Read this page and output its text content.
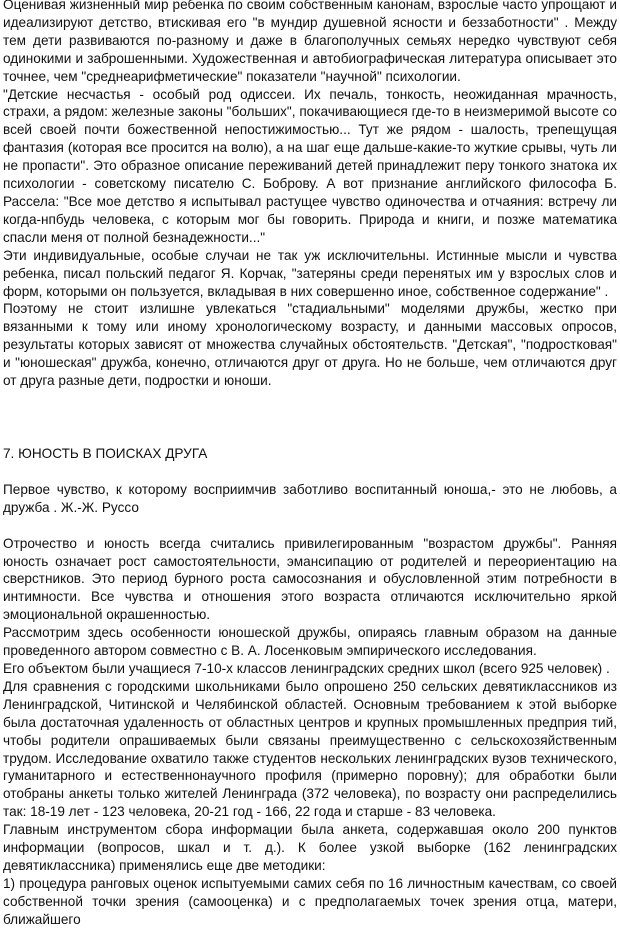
Оценивая жизненный мир ребенка по своим собственным канонам, взрослые часто упрощают и идеализируют детство, втискивая его "в мундир душевной ясности и беззаботности" . Между тем дети развиваются по-разному и даже в благополучных семьях нередко чувствуют себя одинокими и заброшенными. Художественная и автобиографическая литература описывает это точнее, чем "среднеарифметические" показатели "научной" психологии.

"Детские несчастья - особый род одиссеи. Их печаль, тонкость, неожиданная мрачность, страхи, а рядом: железные законы "больших", покачивающиеся где-то в неизмеримой высоте со всей своей почти божественной непостижимостью... Тут же рядом - шалость, трепещущая фантазия (которая все просится на волю), а на шаг еще дальше-какие-то жуткие срывы, чуть ли не пропасти". Это образное описание переживаний детей принадлежит перу тонкого знатока их психологии - советскому писателю С. Боброву. А вот признание английского философа Б. Рассела: "Все мое детство я испытывал растущее чувство одиночества и отчаяния: встречу ли когда-нпбудь человека, с которым мог бы говорить. Природа и книги, и позже математика спасли меня от полной безнадежности..."

Эти индивидуальные, особые случаи не так уж исключительны. Истинные мысли и чувства ребенка, писал польский педагог Я. Корчак, "затеряны среди перенятых им у взрослых слов и форм, которыми он пользуется, вкладывая в них совершенно иное, собственное содержание" .

Поэтому не стоит излишне увлекаться "стадиальными" моделями дружбы, жестко при вязанными к тому или иному хронологическому возрасту, и данными массовых опросов, результаты которых зависят от множества случайных обстоятельств. "Детская", "подростковая" и "юношеская" дружба, конечно, отличаются друг от друга. Но не больше, чем отличаются друг от друга разные дети, подростки и юноши.

7. ЮНОСТЬ В ПОИСКАХ ДРУГА

Первое чувство, к которому восприимчив заботливо воспитанный юноша,- это не любовь, а дружба . Ж.-Ж. Руссо

Отрочество и юность всегда считались привилегированным "возрастом дружбы". Ранняя юность означает рост самостоятельности, эмансипацию от родителей и переориентацию на сверстников. Это период бурного роста самосознания и обусловленной этим потребности в интимности. Все чувства и отношения этого возраста отличаются исключительно яркой эмоциональной окрашенностью.

Рассмотрим здесь особенности юношеской дружбы, опираясь главным образом на данные проведенного автором совместно с В. А. Лосенковым эмпирического исследования.

Его объектом были учащиеся 7-10-х классов ленинградских средних школ (всего 925 человек) .

Для сравнения с городскими школьниками было опрошено 250 сельских девятиклассников из Ленинградской, Читинской и Челябинской областей. Основным требованием к этой выборке была достаточная удаленность от областных центров и крупных промышленных предприя тий, чтобы родители опрашиваемых были связаны преимущественно с сельскохозяйственным трудом. Исследование охватило также студентов нескольких ленинградских вузов технического, гуманитарного и естественнонаучного профиля (примерно поровну); для обработки были отобраны анкеты только жителей Ленинграда (372 человека), по возрасту они распределились так: 18-19 лет - 123 человека, 20-21 год - 166, 22 года и старше - 83 человека.

Главным инструментом сбора информации была анкета, содержавшая около 200 пунктов информации (вопросов, шкал и т. д.). К более узкой выборке (162 ленинградских девятиклассника) применялись еще две методики:

1) процедура ранговых оценок испытуемыми самих себя по 16 личностным качествам, со своей собственной точки зрения (самооценка) и с предполагаемых точек зрения отца, матери, ближайшего
